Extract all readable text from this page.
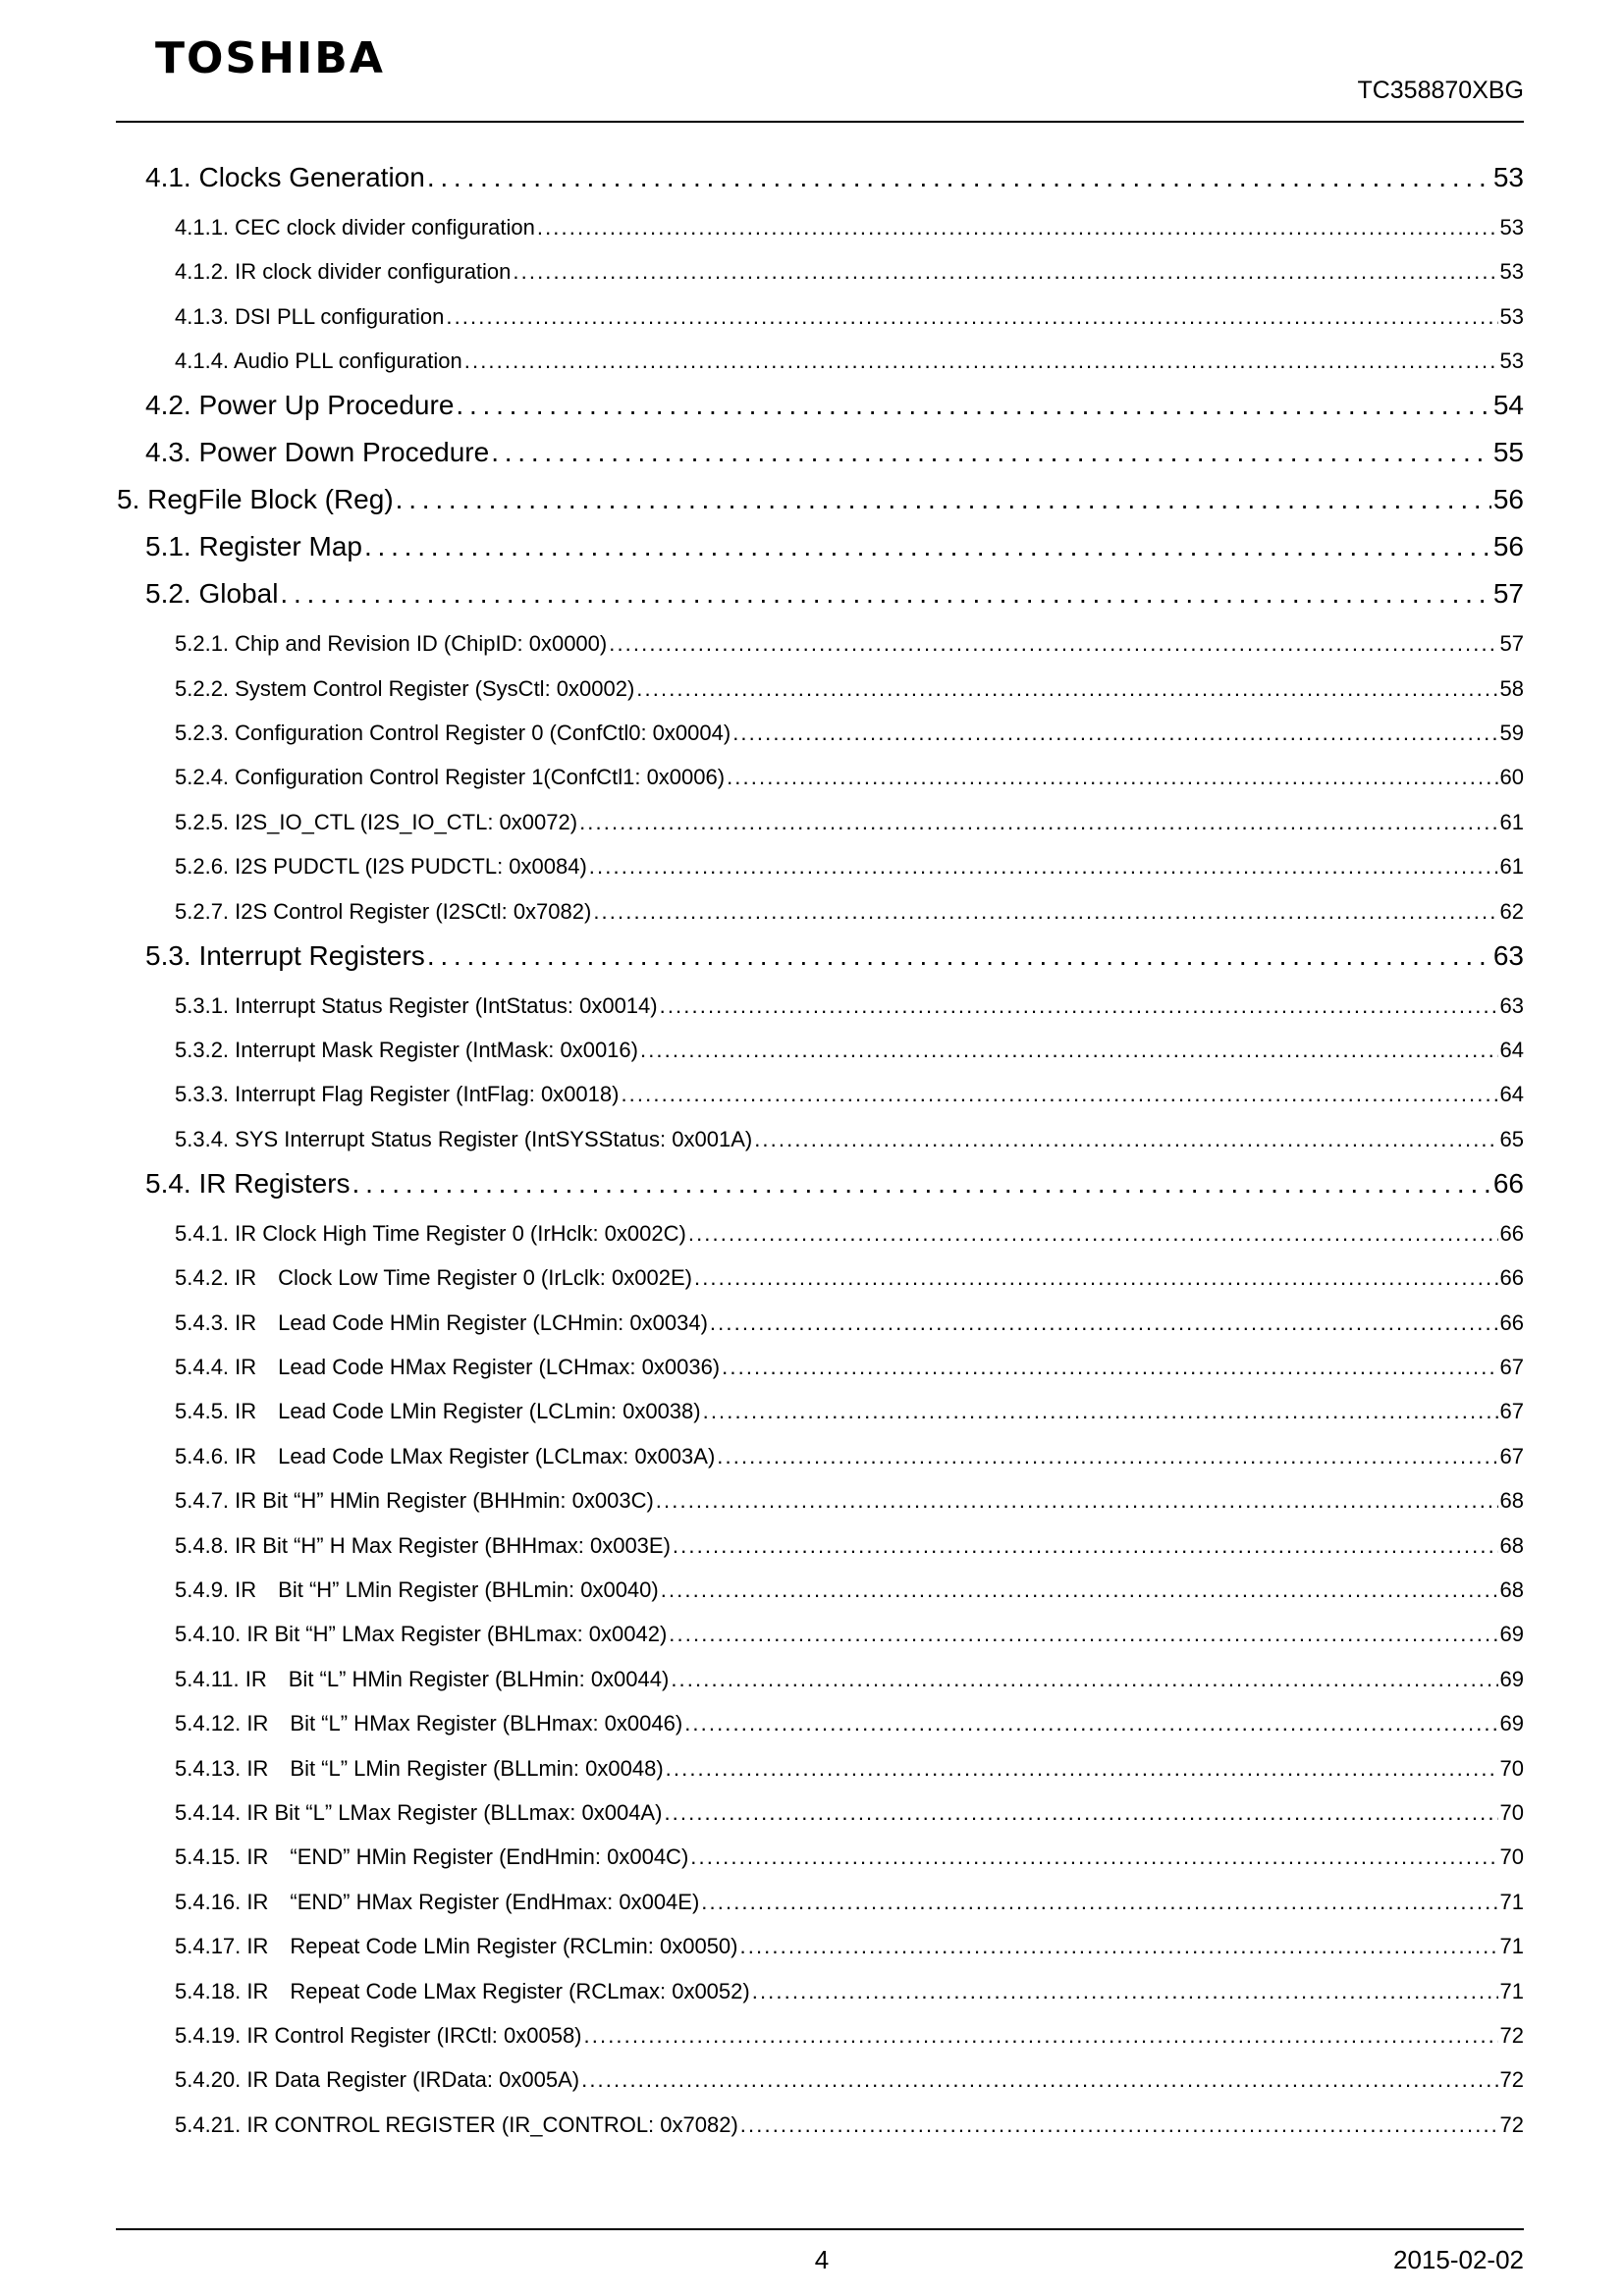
TOSHIBA
TC358870XBG
4.1. Clocks Generation . . .	53
4.1.1. CEC clock divider configuration . . .	53
4.1.2. IR clock divider configuration . . .	53
4.1.3. DSI PLL configuration . . .	53
4.1.4. Audio PLL configuration . . .	53
4.2. Power Up Procedure . . .	54
4.3. Power Down Procedure . . .	55
5. RegFile Block (Reg) . . .	56
5.1. Register Map . . .	56
5.2. Global . . .	57
5.2.1. Chip and Revision ID (ChipID: 0x0000) . . .	57
5.2.2. System Control Register (SysCtl: 0x0002) . . .	58
5.2.3. Configuration Control Register 0 (ConfCtl0: 0x0004) . . .	59
5.2.4. Configuration Control Register 1(ConfCtl1: 0x0006) . . .	60
5.2.5. I2S_IO_CTL (I2S_IO_CTL: 0x0072) . . .	61
5.2.6. I2S PUDCTL (I2S PUDCTL: 0x0084) . . .	61
5.2.7. I2S Control Register (I2SCtl: 0x7082) . . .	62
5.3. Interrupt Registers . . .	63
5.3.1. Interrupt Status Register (IntStatus: 0x0014) . . .	63
5.3.2. Interrupt Mask Register (IntMask: 0x0016) . . .	64
5.3.3. Interrupt Flag Register (IntFlag: 0x0018) . . .	64
5.3.4. SYS Interrupt Status Register (IntSYSStatus: 0x001A) . . .	65
5.4. IR Registers . . .	66
5.4.1. IR Clock High Time Register 0 (IrHclk: 0x002C) . . .	66
5.4.2. IR　Clock Low Time Register 0 (IrLclk: 0x002E) . . .	66
5.4.3. IR　Lead Code HMin Register (LCHmin: 0x0034) . . .	66
5.4.4. IR　Lead Code HMax Register (LCHmax: 0x0036) . . .	67
5.4.5. IR　Lead Code LMin Register (LCLmin: 0x0038) . . .	67
5.4.6. IR　Lead Code LMax Register (LCLmax: 0x003A) . . .	67
5.4.7. IR Bit “H” HMin Register (BHHmin: 0x003C) . . .	68
5.4.8. IR Bit “H” H Max Register (BHHmax: 0x003E) . . .	68
5.4.9. IR　Bit “H” LMin Register (BHLmin: 0x0040) . . .	68
5.4.10. IR Bit “H” LMax Register (BHLmax: 0x0042) . . .	69
5.4.11. IR　Bit “L” HMin Register (BLHmin: 0x0044) . . .	69
5.4.12. IR　Bit “L” HMax Register (BLHmax: 0x0046) . . .	69
5.4.13. IR　Bit “L” LMin Register (BLLmin: 0x0048) . . .	70
5.4.14. IR Bit “L” LMax Register (BLLmax: 0x004A) . . .	70
5.4.15. IR　“END” HMin Register (EndHmin: 0x004C) . . .	70
5.4.16. IR　“END” HMax Register (EndHmax: 0x004E) . . .	71
5.4.17. IR　Repeat Code LMin Register (RCLmin: 0x0050) . . .	71
5.4.18. IR　Repeat Code LMax Register (RCLmax: 0x0052) . . .	71
5.4.19. IR Control Register (IRCtl: 0x0058) . . .	72
5.4.20. IR Data Register (IRData: 0x005A) . . .	72
5.4.21. IR CONTROL REGISTER (IR_CONTROL: 0x7082) . . .	72
4	2015-02-02
